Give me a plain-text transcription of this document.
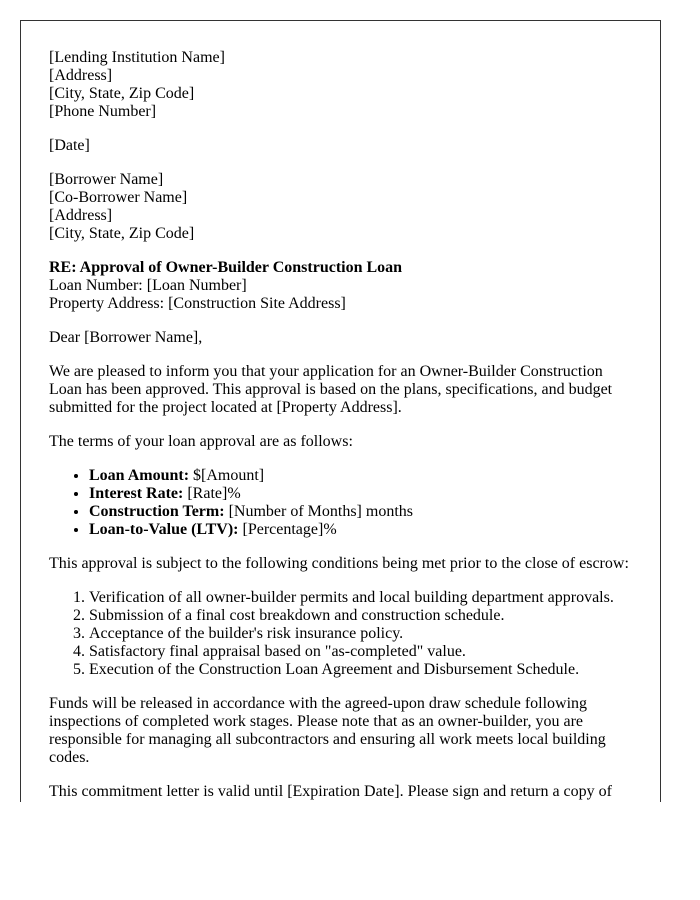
[Lending Institution Name]
[Address]
[City, State, Zip Code]
[Phone Number]

[Date]

[Borrower Name]
[Co-Borrower Name]
[Address]
[City, State, Zip Code]

RE: Approval of Owner-Builder Construction Loan
Loan Number: [Loan Number]
Property Address: [Construction Site Address]

Dear [Borrower Name],

We are pleased to inform you that your application for an Owner-Builder Construction Loan has been approved. This approval is based on the plans, specifications, and budget submitted for the project located at [Property Address].

The terms of your loan approval are as follows:

• Loan Amount: $[Amount]
• Interest Rate: [Rate]%
• Construction Term: [Number of Months] months
• Loan-to-Value (LTV): [Percentage]%

This approval is subject to the following conditions being met prior to the close of escrow:

1. Verification of all owner-builder permits and local building department approvals.
2. Submission of a final cost breakdown and construction schedule.
3. Acceptance of the builder's risk insurance policy.
4. Satisfactory final appraisal based on "as-completed" value.
5. Execution of the Construction Loan Agreement and Disbursement Schedule.

Funds will be released in accordance with the agreed-upon draw schedule following inspections of completed work stages. Please note that as an owner-builder, you are responsible for managing all subcontractors and ensuring all work meets local building codes.

This commitment letter is valid until [Expiration Date]. Please sign and return a copy of
